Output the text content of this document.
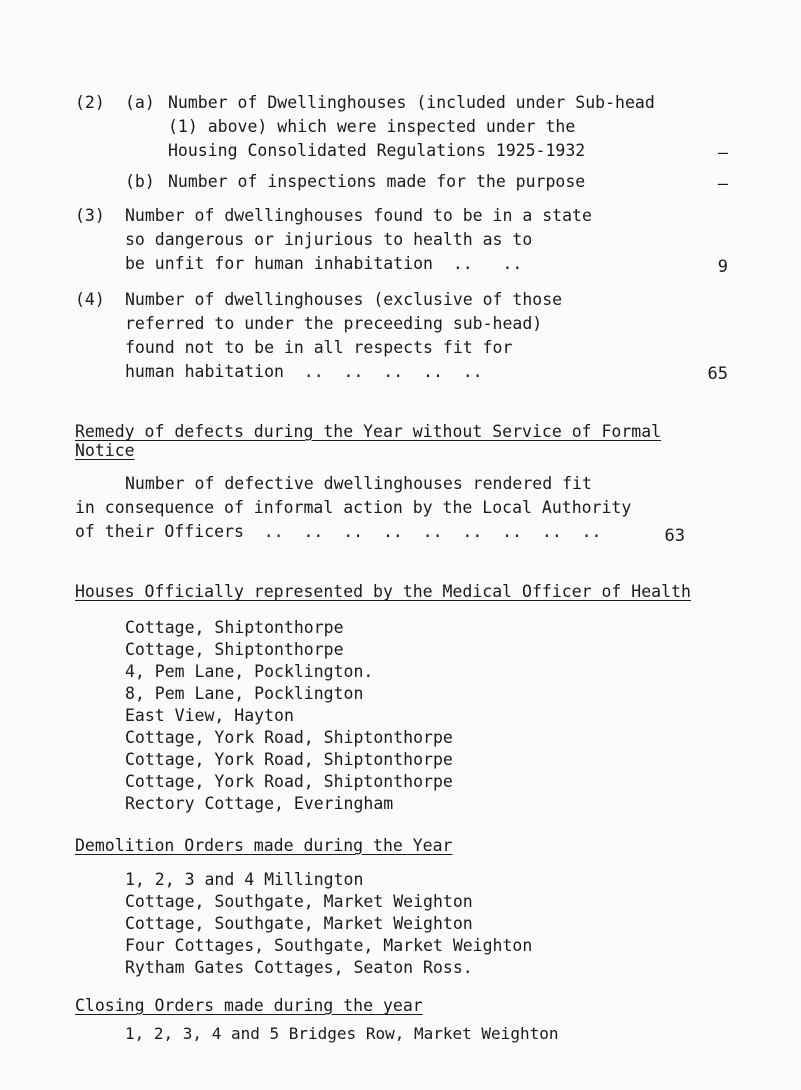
(2) (a) Number of Dwellinghouses (included under Sub-head
(1) above) which were inspected under the
Housing Consolidated Regulations 1925-1932	–
(b) Number of inspections made for the purpose	–
(3) Number of dwellinghouses found to be in a state
so dangerous or injurious to health as to
be unfit for human inhabitation  ..   ..	9
(4) Number of dwellinghouses (exclusive of those
referred to under the preceeding sub-head)
found not to be in all respects fit for
human habitation  ..  ..  ..  ..  ..	65
Remedy of defects during the Year without Service of Formal
Notice
Number of defective dwellinghouses rendered fit
in consequence of informal action by the Local Authority
of their Officers  ..  ..  ..  ..  ..  ..  ..  ..  ..	63
Houses Officially represented by the Medical Officer of Health
Cottage, Shiptonthorpe
Cottage, Shiptonthorpe
4, Pem Lane, Pocklington.
8, Pem Lane, Pocklington
East View, Hayton
Cottage, York Road, Shiptonthorpe
Cottage, York Road, Shiptonthorpe
Cottage, York Road, Shiptonthorpe
Rectory Cottage, Everingham
Demolition Orders made during the Year
1, 2, 3 and 4 Millington
Cottage, Southgate, Market Weighton
Cottage, Southgate, Market Weighton
Four Cottages, Southgate, Market Weighton
Rytham Gates Cottages, Seaton Ross.
Closing Orders made during the year
1, 2, 3, 4 and 5 Bridges Row, Market Weighton
